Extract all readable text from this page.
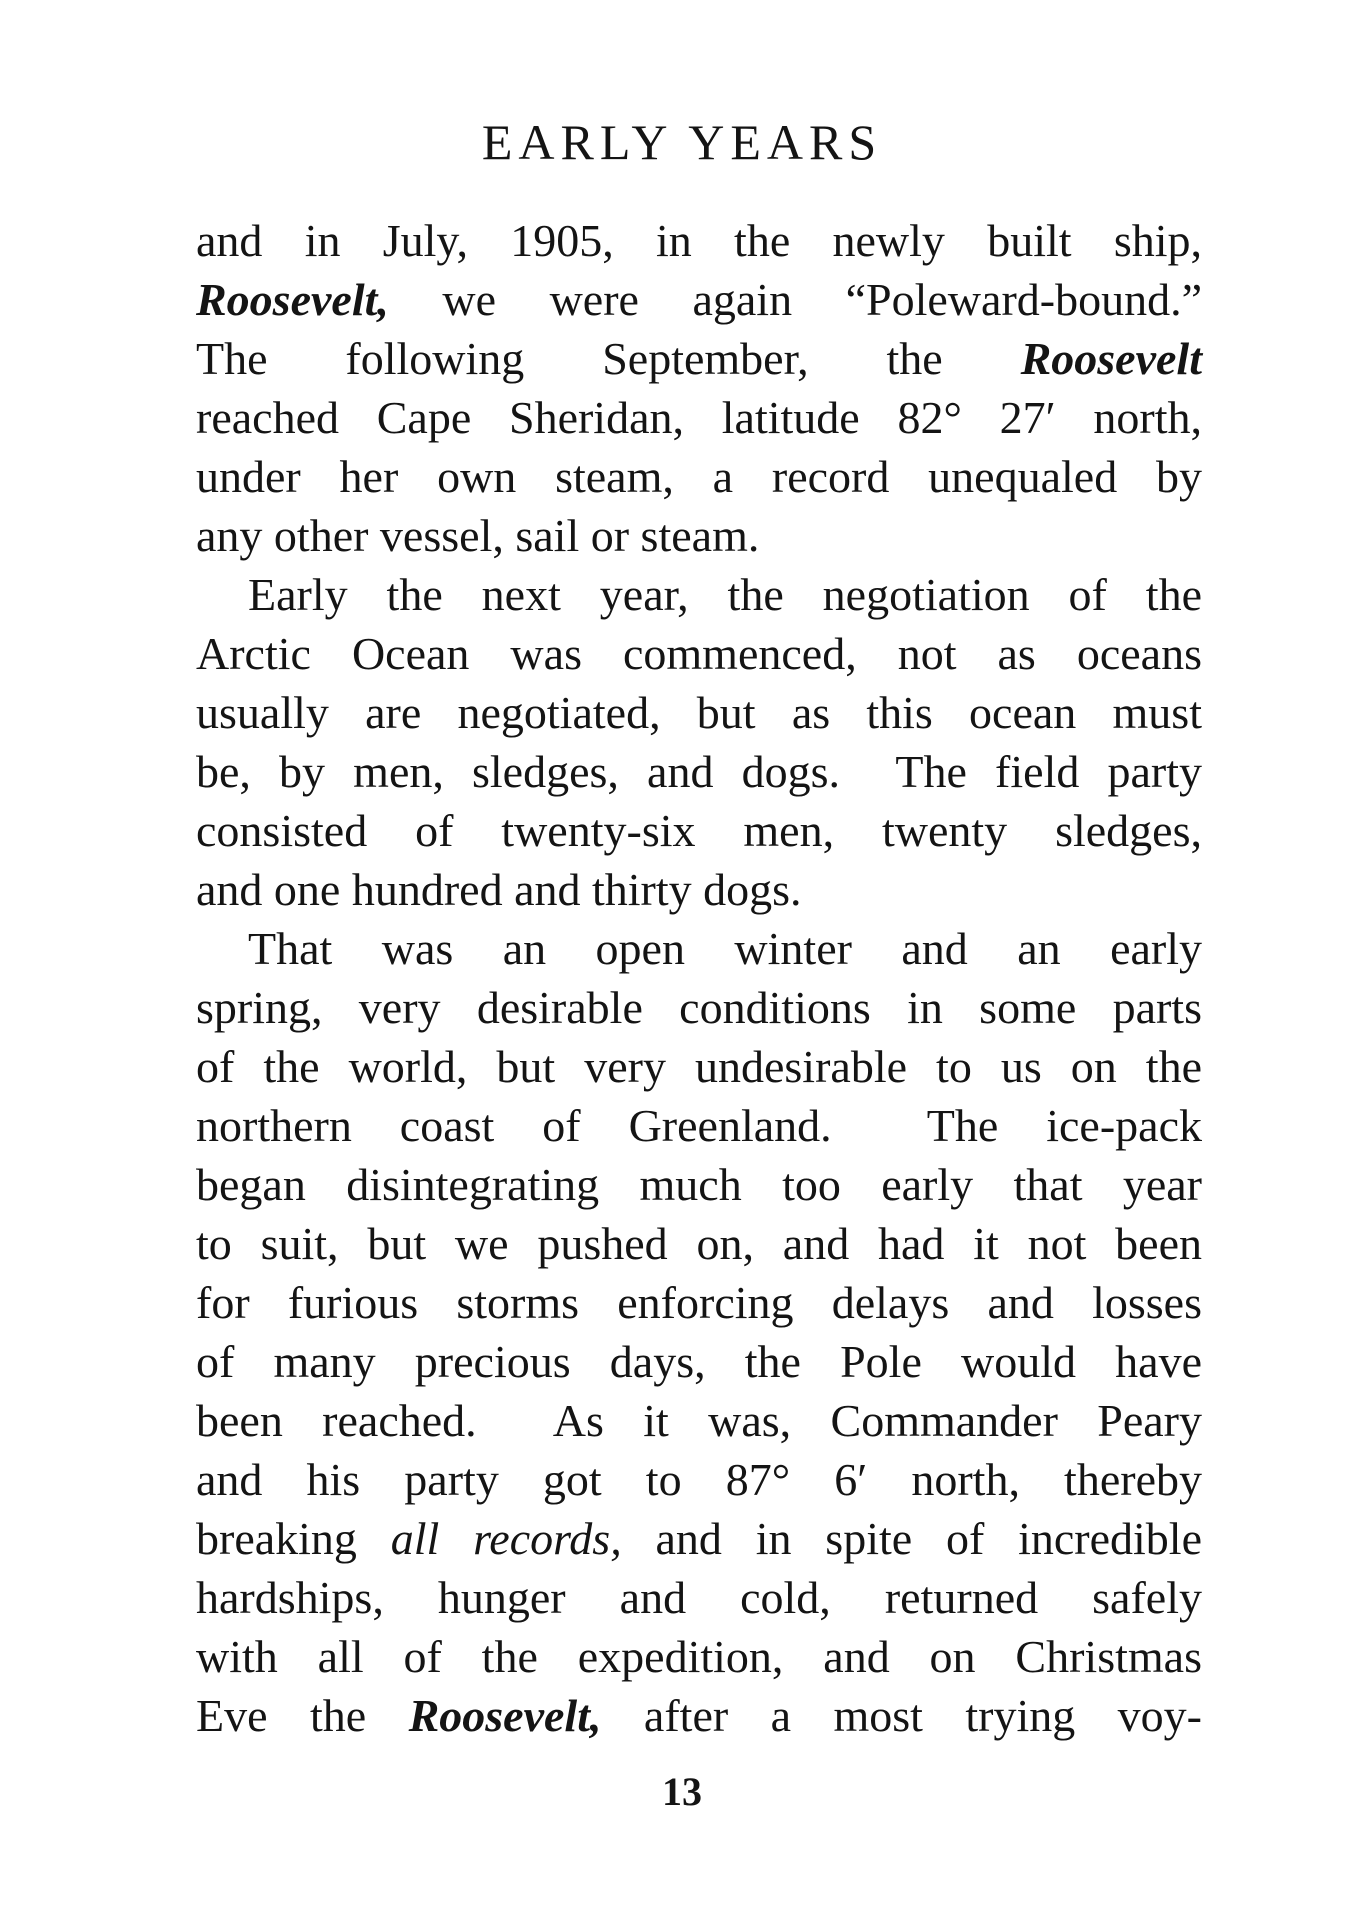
EARLY YEARS
and in July, 1905, in the newly built ship,
Roosevelt, we were again “Poleward-bound.”
The following September, the Roosevelt
reached Cape Sheridan, latitude 82° 27′ north,
under her own steam, a record unequaled by
any other vessel, sail or steam.
Early the next year, the negotiation of the
Arctic Ocean was commenced, not as oceans
usually are negotiated, but as this ocean must
be, by men, sledges, and dogs.  The field party
consisted of twenty-six men, twenty sledges,
and one hundred and thirty dogs.
That was an open winter and an early
spring, very desirable conditions in some parts
of the world, but very undesirable to us on the
northern coast of Greenland.  The ice-pack
began disintegrating much too early that year
to suit, but we pushed on, and had it not been
for furious storms enforcing delays and losses
of many precious days, the Pole would have
been reached.  As it was, Commander Peary
and his party got to 87° 6′ north, thereby
breaking all records, and in spite of incredible
hardships, hunger and cold, returned safely
with all of the expedition, and on Christmas
Eve the Roosevelt, after a most trying voy-
13
